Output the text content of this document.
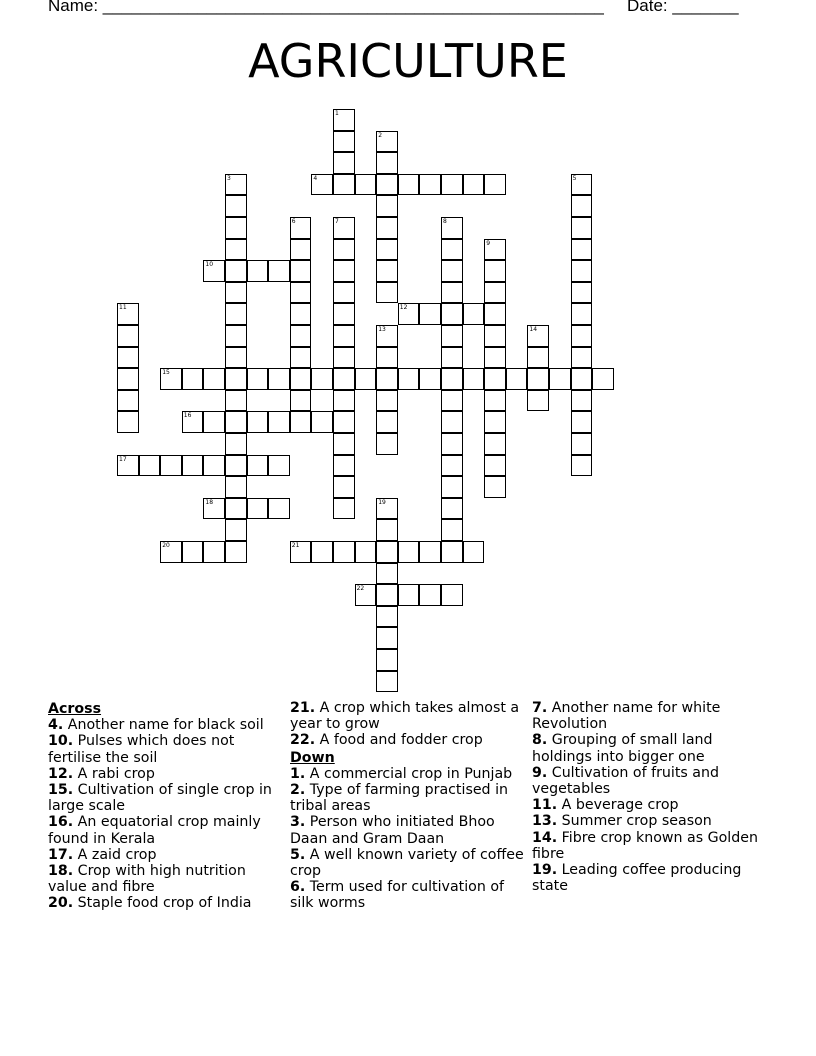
Name: _____________________________________________________ Date: _______
AGRICULTURE
1
2
3	4	5
6	7	8
9
10
11	12
13	14
15
16
17
18	19
20	21
22
Across
4. Another name for black soil
10. Pulses which does not fertilise the soil
12. A rabi crop
15. Cultivation of single crop in large scale
16. An equatorial crop mainly found in Kerala
17. A zaid crop
18. Crop with high nutrition value and fibre
20. Staple food crop of India
21. A crop which takes almost a year to grow
22. A food and fodder crop
Down
1. A commercial crop in Punjab
2. Type of farming practised in tribal areas
3. Person who initiated Bhoo Daan and Gram Daan
5. A well known variety of coffee crop
6. Term used for cultivation of silk worms
7. Another name for white Revolution
8. Grouping of small land holdings into bigger one
9. Cultivation of fruits and vegetables
11. A beverage crop
13. Summer crop season
14. Fibre crop known as Golden fibre
19. Leading coffee producing state
